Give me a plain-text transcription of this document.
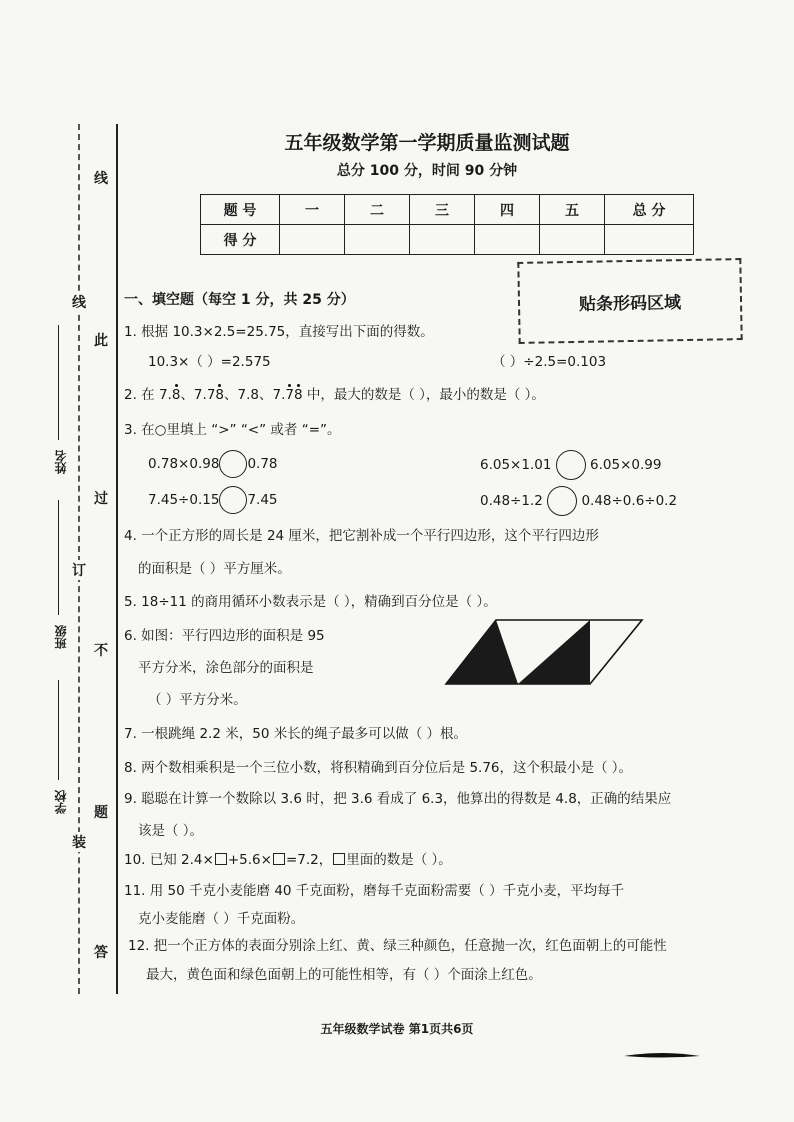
线
此
过
不
题
答
线
订
装
姓名
班级
学校
五年级数学第一学期质量监测试题
总分 100 分，时间 90 分钟
题 号	一	二	三	四	五	总 分
得 分						
贴条形码区域
一、填空题（每空 1 分，共 25 分）
1. 根据 10.3×2.5=25.75，直接写出下面的得数。
10.3×（ ）=2.575	（ ）÷2.5=0.103
2. 在 7.8、7.78、7.8、7.78 中，最大的数是（ ），最小的数是（ ）。
3. 在○里填上 “>” “<” 或者 “=”。
0.78×0.98 0.78	6.05×1.01	6.05×0.99
7.45÷0.15 7.45	0.48÷1.2	0.48÷0.6÷0.2
4. 一个正方形的周长是 24 厘米，把它割补成一个平行四边形，这个平行四边形
的面积是（ ）平方厘米。
5. 18÷11 的商用循环小数表示是（ ），精确到百分位是（ ）。
6. 如图：平行四边形的面积是 95
平方分米，涂色部分的面积是
（ ）平方分米。
7. 一根跳绳 2.2 米，50 米长的绳子最多可以做（ ）根。
8. 两个数相乘积是一个三位小数，将积精确到百分位后是 5.76，这个积最小是（ ）。
9. 聪聪在计算一个数除以 3.6 时，把 3.6 看成了 6.3，他算出的得数是 4.8，正确的结果应
该是（ ）。
10. 已知 2.4× +5.6× =7.2， 里面的数是（ ）。
11. 用 50 千克小麦能磨 40 千克面粉，磨每千克面粉需要（ ）千克小麦，平均每千
克小麦能磨（ ）千克面粉。
12. 把一个正方体的表面分别涂上红、黄、绿三种颜色，任意抛一次，红色面朝上的可能性
最大，黄色面和绿色面朝上的可能性相等，有（ ）个面涂上红色。
五年级数学试卷 第1页共6页
